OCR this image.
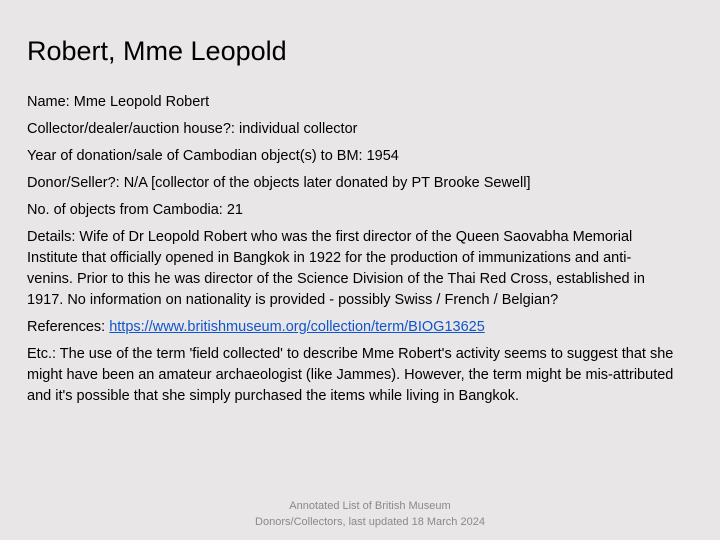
Robert, Mme Leopold
Name: Mme Leopold Robert
Collector/dealer/auction house?: individual collector
Year of donation/sale of Cambodian object(s) to BM: 1954
Donor/Seller?: N/A [collector of the objects later donated by PT Brooke Sewell]
No. of objects from Cambodia: 21
Details: Wife of Dr Leopold Robert who was the first director of the Queen Saovabha Memorial Institute that officially opened in Bangkok in 1922 for the production of immunizations and anti-venins. Prior to this he was director of the Science Division of the Thai Red Cross, established in 1917. No information on nationality is provided - possibly Swiss / French / Belgian?
References: https://www.britishmuseum.org/collection/term/BIOG13625
Etc.: The use of the term 'field collected' to describe Mme Robert's activity seems to suggest that she might have been an amateur archaeologist (like Jammes). However, the term might be mis-attributed and it's possible that she simply purchased the items while living in Bangkok.
Annotated List of British Museum
Donors/Collectors, last updated 18 March 2024
